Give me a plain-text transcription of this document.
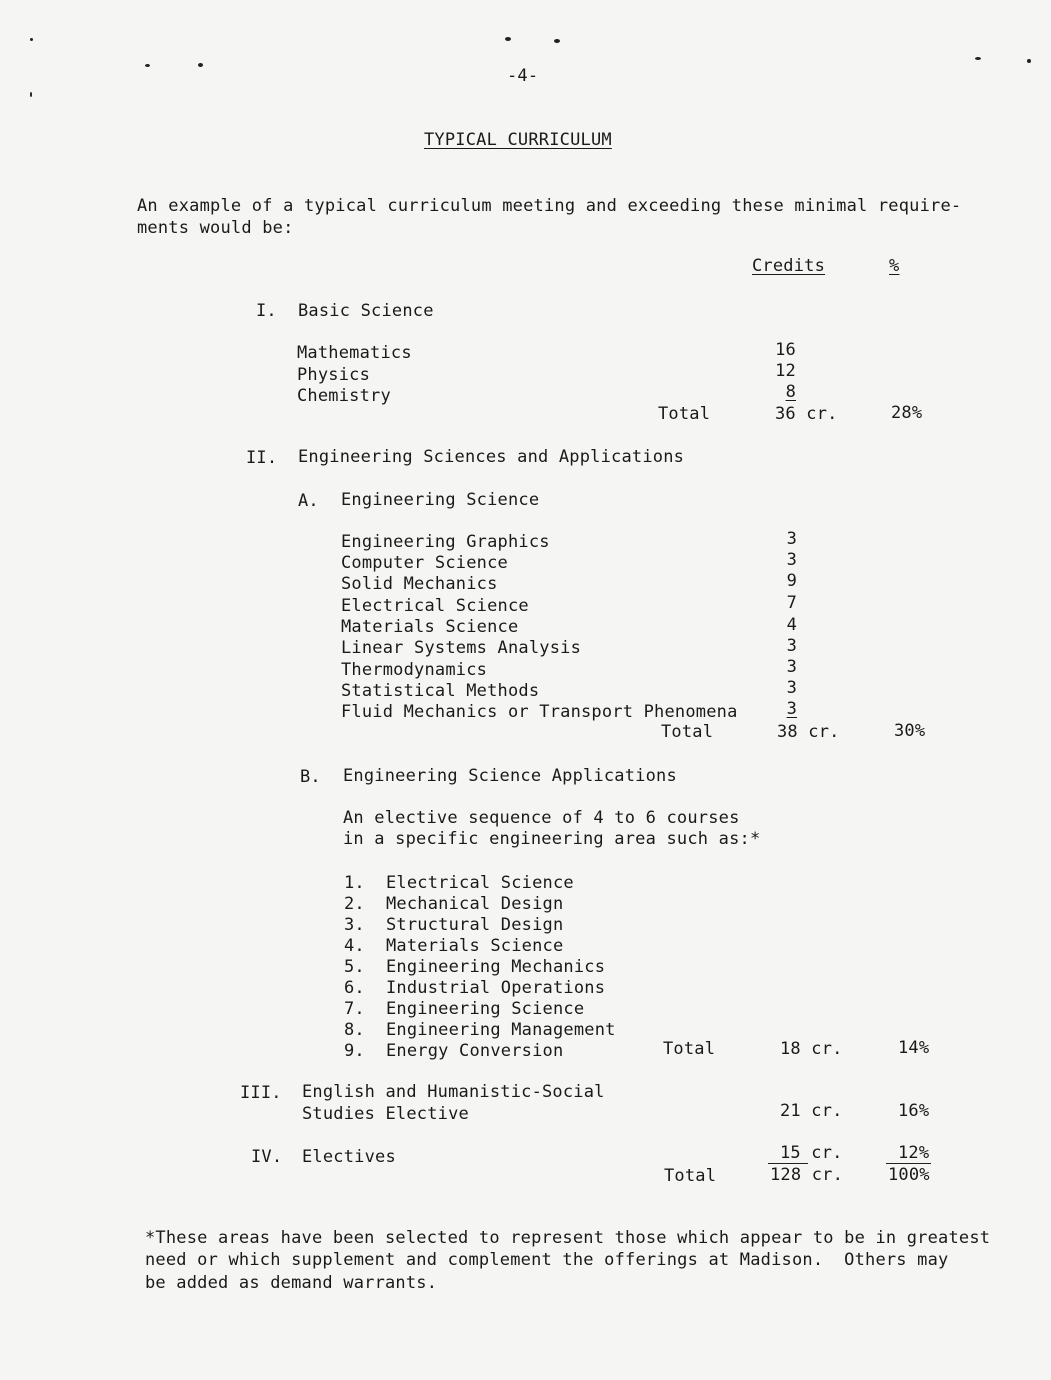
-4-
TYPICAL CURRICULUM
An example of a typical curriculum meeting and exceeding these minimal require-
ments would be:
Credits	%
I. Basic Science
Mathematics	16
Physics	12
Chemistry	8
Total	36 cr.	28%
II. Engineering Sciences and Applications
A. Engineering Science
Engineering Graphics	3
Computer Science	3
Solid Mechanics	9
Electrical Science	7
Materials Science	4
Linear Systems Analysis	3
Thermodynamics	3
Statistical Methods	3
Fluid Mechanics or Transport Phenomena	3
Total	38 cr.	30%
B. Engineering Science Applications
An elective sequence of 4 to 6 courses
in a specific engineering area such as:*
1. Electrical Science
2. Mechanical Design
3. Structural Design
4. Materials Science
5. Engineering Mechanics
6. Industrial Operations
7. Engineering Science
8. Engineering Management
9. Energy Conversion	Total	18 cr.	14%
III. English and Humanistic-Social
Studies Elective	21 cr.	16%
IV. Electives	15 cr.	12%
Total	128 cr.	100%
*These areas have been selected to represent those which appear to be in greatest
need or which supplement and complement the offerings at Madison.  Others may
be added as demand warrants.
